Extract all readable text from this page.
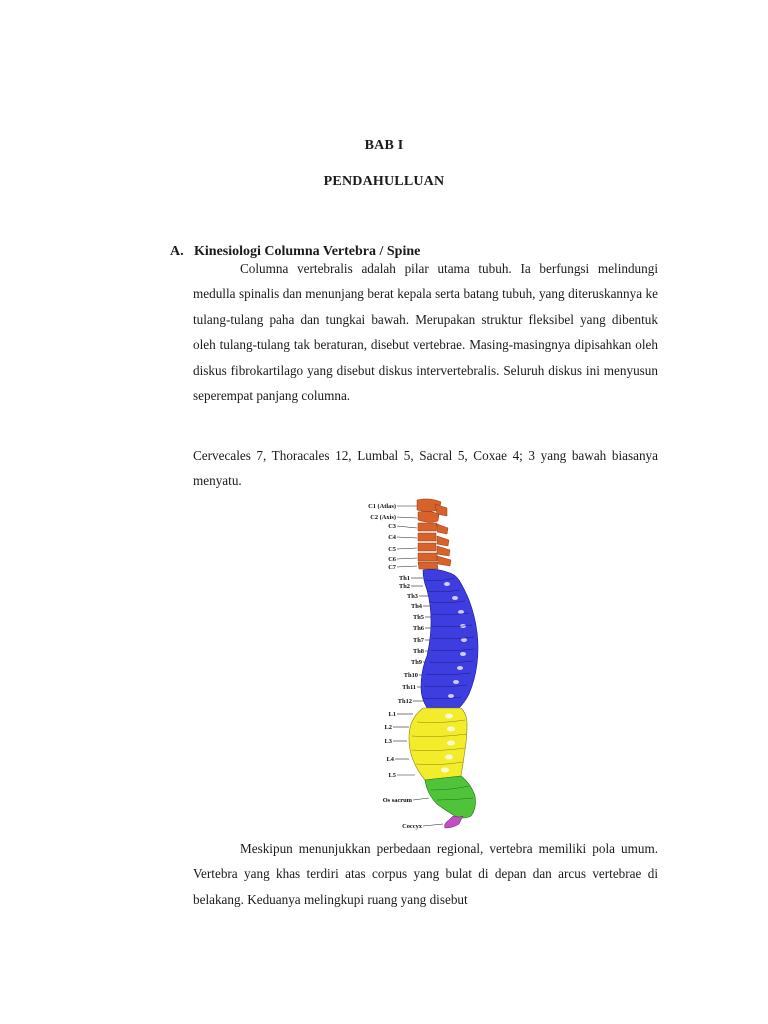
BAB I
PENDAHULLUAN
A. Kinesiologi Columna Vertebra / Spine

Columna vertebralis adalah pilar utama tubuh. Ia berfungsi melindungi medulla spinalis dan menunjang berat kepala serta batang tubuh, yang diteruskannya ke tulang-tulang paha dan tungkai bawah. Merupakan struktur fleksibel yang dibentuk oleh tulang-tulang tak beraturan, disebut vertebrae. Masing-masingnya dipisahkan oleh diskus fibrokartilago yang disebut diskus intervertebralis. Seluruh diskus ini menyusun seperempat panjang columna.

Cervecales 7, Thoracales 12, Lumbal 5, Sacral 5, Coxae 4; 3 yang bawah biasanya menyatu.

C1 (Atlas)
C2 (Axis)
C3
C4
C5
C6
C7
Th1
Th2
Th3
Th4
Th5
Th6
Th7
Th8
Th9
Th10
Th11
Th12
L1
L2
L3
L4
L5
Os sacrum
Coccyx

Meskipun menunjukkan perbedaan regional, vertebra memiliki pola umum. Vertebra yang khas terdiri atas corpus yang bulat di depan dan arcus vertebrae di belakang. Keduanya melingkupi ruang yang disebut
